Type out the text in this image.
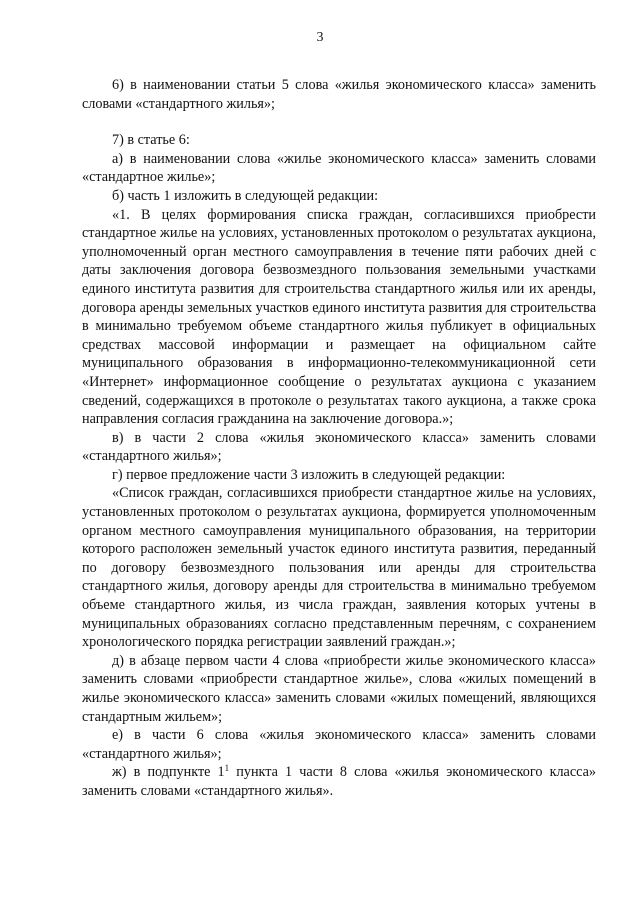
3

6) в наименовании статьи 5 слова «жилья экономического класса» заменить словами «стандартного жилья»;

7) в статье 6:

а) в наименовании слова «жилье экономического класса» заменить словами «стандартное жилье»;

б) часть 1 изложить в следующей редакции:

«1. В целях формирования списка граждан, согласившихся приобрести стандартное жилье на условиях, установленных протоколом о результатах аукциона, уполномоченный орган местного самоуправления в течение пяти рабочих дней с даты заключения договора безвозмездного пользования земельными участками единого института развития для строительства стандартного жилья или их аренды, договора аренды земельных участков единого института развития для строительства в минимально требуемом объеме стандартного жилья публикует в официальных средствах массовой информации и размещает на официальном сайте муниципального образования в информационно-телекоммуникационной сети «Интернет» информационное сообщение о результатах аукциона с указанием сведений, содержащихся в протоколе о результатах такого аукциона, а также срока направления согласия гражданина на заключение договора.»;

в) в части 2 слова «жилья экономического класса» заменить словами «стандартного жилья»;

г) первое предложение части 3 изложить в следующей редакции:

«Список граждан, согласившихся приобрести стандартное жилье на условиях, установленных протоколом о результатах аукциона, формируется уполномоченным органом местного самоуправления муниципального образования, на территории которого расположен земельный участок единого института развития, переданный по договору безвозмездного пользования или аренды для строительства стандартного жилья, договору аренды для строительства в минимально требуемом объеме стандартного жилья, из числа граждан, заявления которых учтены в муниципальных образованиях согласно представленным перечням, с сохранением хронологического порядка регистрации заявлений граждан.»;

д) в абзаце первом части 4 слова «приобрести жилье экономического класса» заменить словами «приобрести стандартное жилье», слова «жилых помещений в жилье экономического класса» заменить словами «жилых помещений, являющихся стандартным жильем»;

е) в части 6 слова «жилья экономического класса» заменить словами «стандартного жилья»;

ж) в подпункте $1^1$ пункта 1 части 8 слова «жилья экономического класса» заменить словами «стандартного жилья».
